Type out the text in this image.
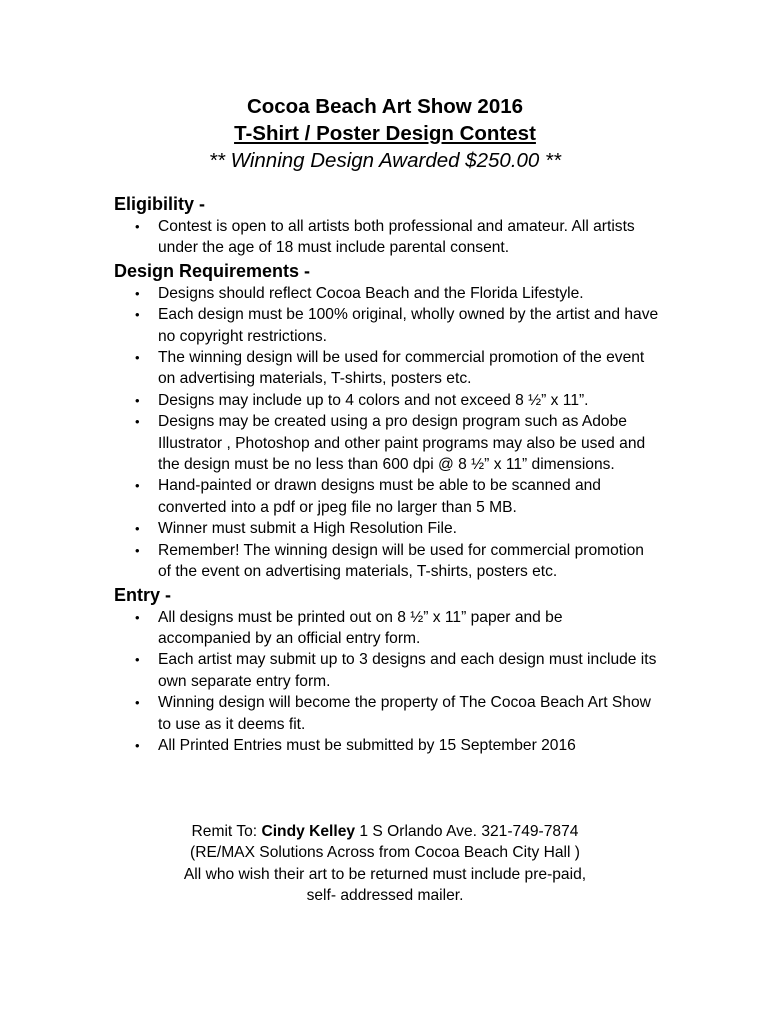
Cocoa Beach Art Show 2016

T-Shirt / Poster Design Contest

** Winning Design Awarded $250.00 **

Eligibility -

• Contest is open to all artists both professional and amateur. All artists under the age of 18 must include parental consent.

Design Requirements -

• Designs should reflect Cocoa Beach and the Florida Lifestyle.
• Each design must be 100% original, wholly owned by the artist and have no copyright restrictions.
• The winning design will be used for commercial promotion of the event on advertising materials, T-shirts, posters etc.
• Designs may include up to 4 colors and not exceed 8 ½” x 11”.
• Designs may be created using a pro design program such as Adobe Illustrator , Photoshop and other paint programs may also be used and the design must be no less than 600 dpi @ 8 ½” x 11” dimensions.
• Hand-painted or drawn designs must be able to be scanned and converted into a pdf or jpeg file no larger than 5 MB.
• Winner must submit a High Resolution File.
• Remember! The winning design will be used for commercial promotion of the event on advertising materials, T-shirts, posters etc.

Entry -

• All designs must be printed out on 8 ½” x 11” paper and be accompanied by an official entry form.
• Each artist may submit up to 3 designs and each design must include its own separate entry form.
• Winning design will become the property of The Cocoa Beach Art Show to use as it deems fit.
• All Printed Entries must be submitted by 15 September 2016

Remit To: Cindy Kelley 1 S Orlando Ave. 321-749-7874

(RE/MAX Solutions Across from Cocoa Beach City Hall )

All who wish their art to be returned must include pre-paid,

self- addressed mailer.
